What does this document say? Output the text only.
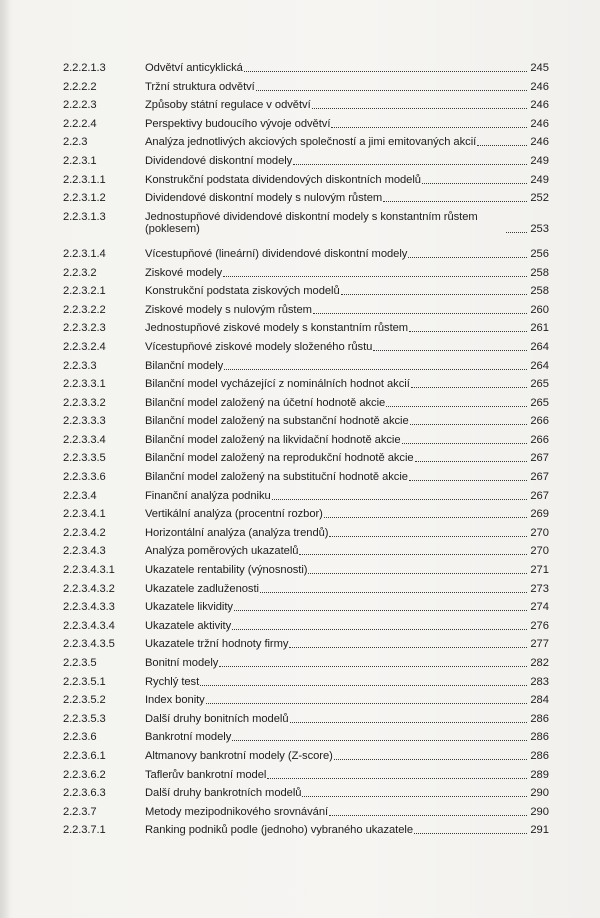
2.2.2.1.3	Odvětví anticyklická	245
2.2.2.2	Tržní struktura odvětví	246
2.2.2.3	Způsoby státní regulace v odvětví	246
2.2.2.4	Perspektivy budoucího vývoje odvětví	246
2.2.3	Analýza jednotlivých akciových společností a jimi emitovaných akcií	246
2.2.3.1	Dividendové diskontní modely	249
2.2.3.1.1	Konstrukční podstata dividendových diskontních modelů	249
2.2.3.1.2	Dividendové diskontní modely s nulovým růstem	252
2.2.3.1.3	Jednostupňové dividendové diskontní modely s konstantním růstem (poklesem)	253
2.2.3.1.4	Vícestupňové (lineární) dividendové diskontní modely	256
2.2.3.2	Ziskové modely	258
2.2.3.2.1	Konstrukční podstata ziskových modelů	258
2.2.3.2.2	Ziskové modely s nulovým růstem	260
2.2.3.2.3	Jednostupňové ziskové modely s konstantním růstem	261
2.2.3.2.4	Vícestupňové ziskové modely složeného růstu	264
2.2.3.3	Bilanční modely	264
2.2.3.3.1	Bilanční model vycházející z nominálních hodnot akcií	265
2.2.3.3.2	Bilanční model založený na účetní hodnotě akcie	265
2.2.3.3.3	Bilanční model založený na substanční hodnotě akcie	266
2.2.3.3.4	Bilanční model založený na likvidační hodnotě akcie	266
2.2.3.3.5	Bilanční model založený na reprodukční hodnotě akcie	267
2.2.3.3.6	Bilanční model založený na substituční hodnotě akcie	267
2.2.3.4	Finanční analýza podniku	267
2.2.3.4.1	Vertikální analýza (procentní rozbor)	269
2.2.3.4.2	Horizontální analýza (analýza trendů)	270
2.2.3.4.3	Analýza poměrových ukazatelů	270
2.2.3.4.3.1	Ukazatele rentability (výnosnosti)	271
2.2.3.4.3.2	Ukazatele zadluženosti	273
2.2.3.4.3.3	Ukazatele likvidity	274
2.2.3.4.3.4	Ukazatele aktivity	276
2.2.3.4.3.5	Ukazatele tržní hodnoty firmy	277
2.2.3.5	Bonitní modely	282
2.2.3.5.1	Rychlý test	283
2.2.3.5.2	Index bonity	284
2.2.3.5.3	Další druhy bonitních modelů	286
2.2.3.6	Bankrotní modely	286
2.2.3.6.1	Altmanovy bankrotní modely (Z-score)	286
2.2.3.6.2	Taflerův bankrotní model	289
2.2.3.6.3	Další druhy bankrotních modelů	290
2.2.3.7	Metody mezipodnikového srovnávání	290
2.2.3.7.1	Ranking podniků podle (jednoho) vybraného ukazatele	291
